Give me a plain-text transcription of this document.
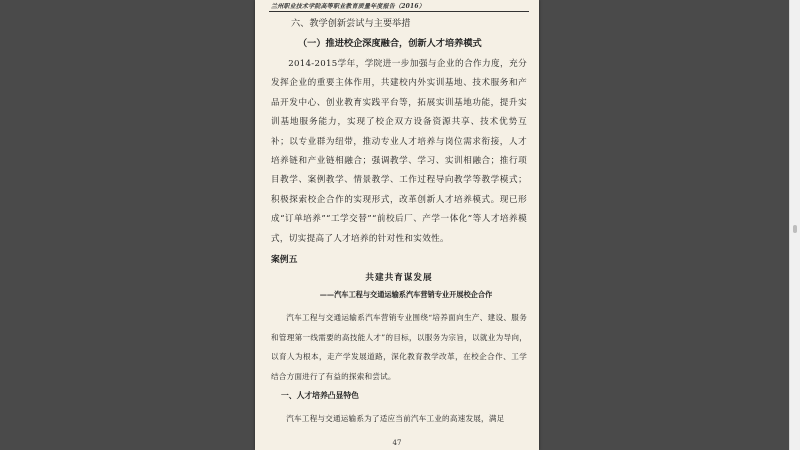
兰州职业技术学院高等职业教育质量年度报告（2016）
六、教学创新尝试与主要举措
（一）推进校企深度融合，创新人才培养模式
2014-2015学年，学院进一步加强与企业的合作力度，充分发挥企业的重要主体作用，共建校内外实训基地、技术服务和产品开发中心、创业教育实践平台等，拓展实训基地功能，提升实训基地服务能力，实现了校企双方设备资源共享、技术优势互补；以专业群为纽带，推动专业人才培养与岗位需求衔接，人才培养链和产业链相融合；强调教学、学习、实训相融合；推行项目教学、案例教学、情景教学、工作过程导向教学等教学模式；积极探索校企合作的实现形式，改革创新人才培养模式。现已形成“订单培养”“工学交替”“前校后厂、产学一体化”等人才培养模式，切实提高了人才培养的针对性和实效性。
案例五
共建共育谋发展
——汽车工程与交通运输系汽车营销专业开展校企合作
汽车工程与交通运输系汽车营销专业围绕“培养面向生产、建设、服务和管理第一线需要的高技能人才”的目标，以服务为宗旨，以就业为导向，以育人为根本，走产学发展道路，深化教育教学改革，在校企合作、工学结合方面进行了有益的探索和尝试。
一、人才培养凸显特色
汽车工程与交通运输系为了适应当前汽车工业的高速发展，满足
47
